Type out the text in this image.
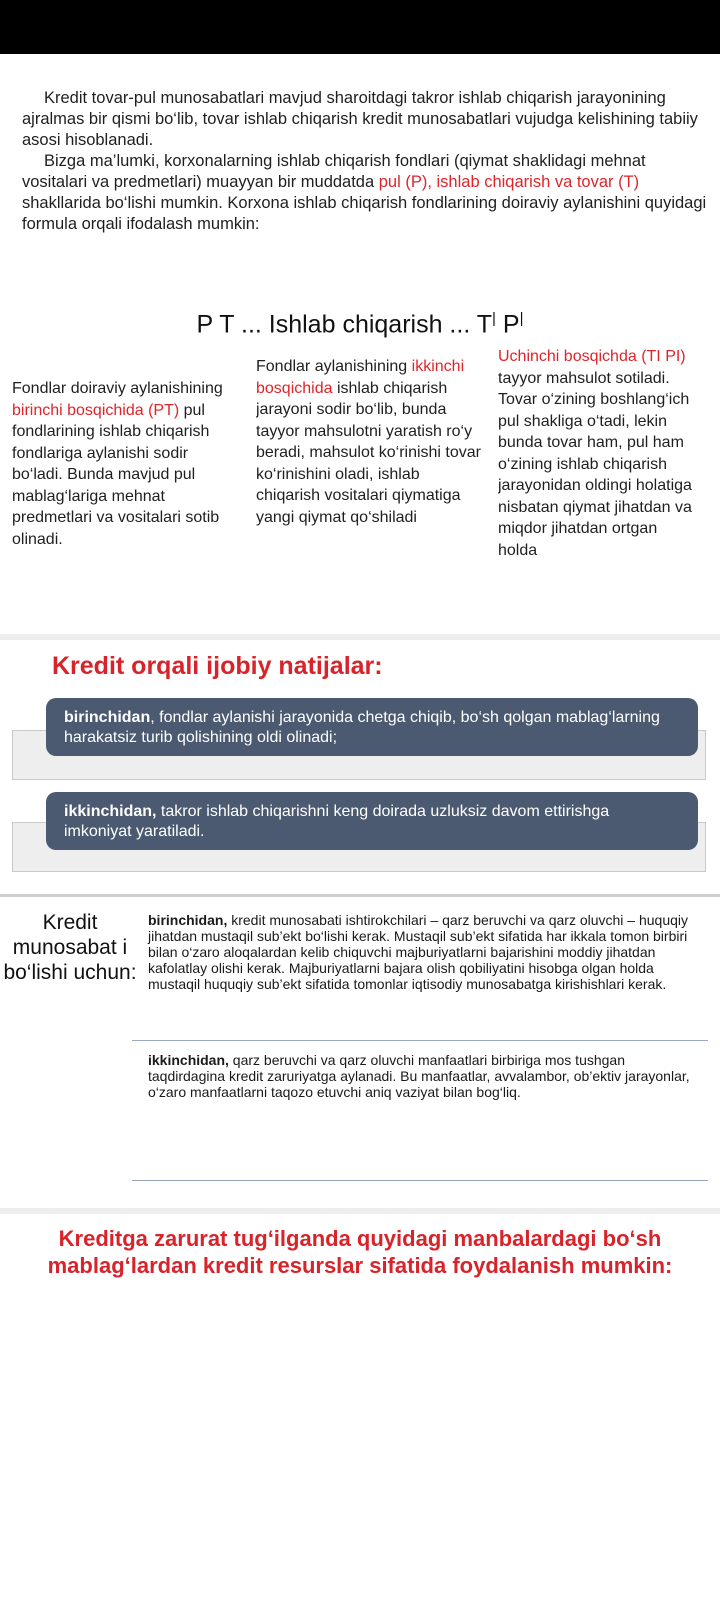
Kredit tovar-pul munosabatlari mavjud sharoitdagi takror ishlab chiqarish jarayonining ajralmas bir qismi bo‘lib, tovar ishlab chiqarish kredit munosabatlari vujudga kelishining tabiiy asosi hisoblanadi.

Bizga ma’lumki, korxonalarning ishlab chiqarish fondlari (qiymat shaklidagi mehnat vositalari va predmetlari) muayyan bir muddatda pul (P), ishlab chiqarish va tovar (T) shakllarida bo‘lishi mumkin. Korxona ishlab chiqarish fondlarining doiraviy aylanishini quyidagi formula orqali ifodalash mumkin:

P T ... Ishlab chiqarish ... T| P|
Fondlar doiraviy aylanishining birinchi bosqichida (PT) pul fondlarining ishlab chiqarish fondlariga aylanishi sodir bo‘ladi. Bunda mavjud pul mablag‘lariga mehnat predmetlari va vositalari sotib olinadi.
Fondlar aylanishining ikkinchi bosqichida ishlab chiqarish jarayoni sodir bo‘lib, bunda tayyor mahsulotni yaratish ro‘y beradi, mahsulot ko‘rinishi tovar ko‘rinishini oladi, ishlab chiqarish vositalari qiymatiga yangi qiymat qo‘shiladi
Uchinchi bosqichda (TI PI) tayyor mahsulot sotiladi. Tovar o‘zining boshlang‘ich pul shakliga o‘tadi, lekin bunda tovar ham, pul ham o‘zining ishlab chiqarish jarayonidan oldingi holatiga nisbatan qiymat jihatdan va miqdor jihatdan ortgan holda
Kredit orqali ijobiy natijalar:
birinchidan, fondlar aylanishi jarayonida chetga chiqib, bo‘sh qolgan mablag‘larning harakatsiz turib qolishining oldi olinadi;
ikkinchidan, takror ishlab chiqarishni keng doirada uzluksiz davom ettirishga imkoniyat yaratiladi.
Kredit munosabat i bo‘lishi uchun:
birinchidan, kredit munosabati ishtirokchilari – qarz beruvchi va qarz oluvchi – huquqiy jihatdan mustaqil sub’ekt bo‘lishi kerak. Mustaqil sub’ekt sifatida har ikkala tomon birbiri bilan o‘zaro aloqalardan kelib chiquvchi majburiyatlarni bajarishini moddiy jihatdan kafolatlay olishi kerak. Majburiyatlarni bajara olish qobiliyatini hisobga olgan holda mustaqil huquqiy sub’ekt sifatida tomonlar iqtisodiy munosabatga kirishishlari kerak.
ikkinchidan, qarz beruvchi va qarz oluvchi manfaatlari birbiriga mos tushgan taqdirdagina kredit zaruriyatga aylanadi. Bu manfaatlar, avvalambor, ob’ektiv jarayonlar, o‘zaro manfaatlarni taqozo etuvchi aniq vaziyat bilan bog‘liq.
Kreditga zarurat tug‘ilganda quyidagi manbalardagi bo‘sh mablag‘lardan kredit resurslar sifatida foydalanish mumkin:
